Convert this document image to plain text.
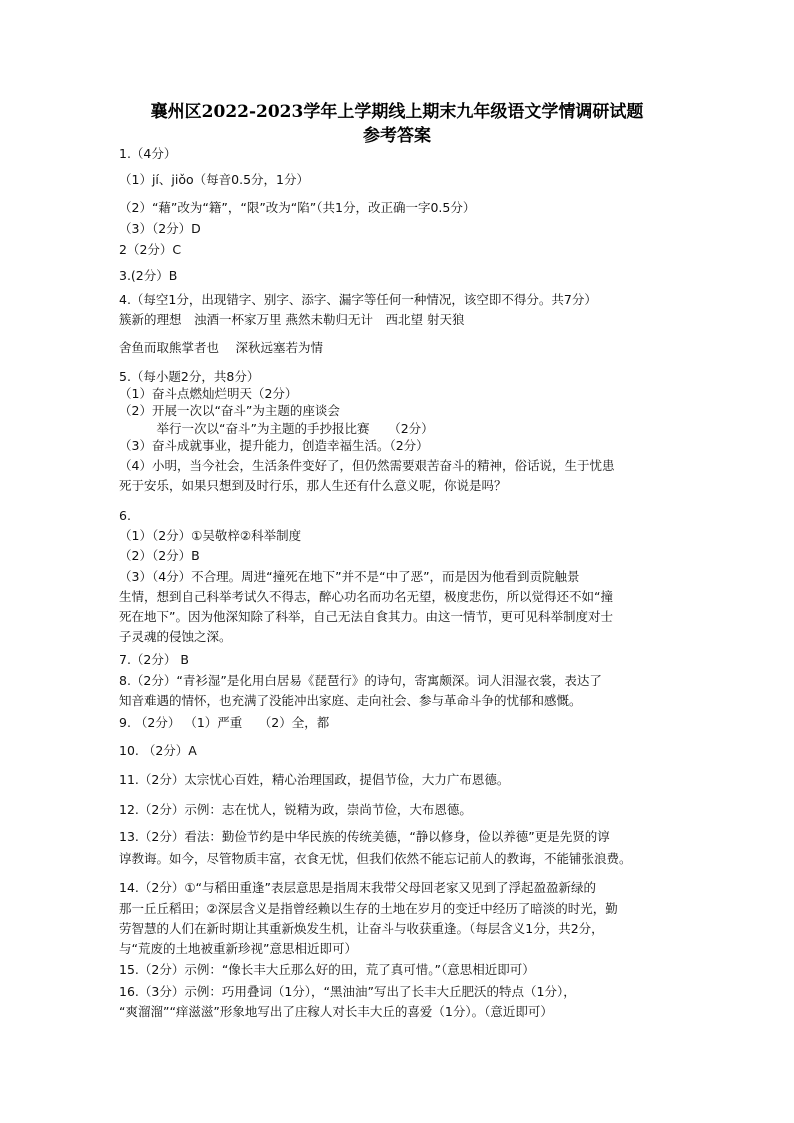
襄州区2022-2023学年上学期线上期末九年级语文学情调研试题
参考答案
1.（4分）
（1）jí、jiǒo（每音0.5分，1分）
（2）“藉”改为“籍”，“限”改为“陷”（共1分，改正确一字0.5分）
（3）（2分）D
2（2分）C
3.(2分）B
4.（每空1分，出现错字、别字、添字、漏字等任何一种情况，该空即不得分。共7分）
簇新的理想　浊酒一杯家万里 燕然未勒归无计　西北望 射天狼
舍鱼而取熊掌者也　 深秋远塞若为情
5.（每小题2分，共8分）
（1）奋斗点燃灿烂明天（2分）
（2）开展一次以“奋斗”为主题的座谈会
　　　举行一次以“奋斗”为主题的手抄报比赛　　（2分）
（3）奋斗成就事业，提升能力，创造幸福生活。（2分）
（4）小明，当今社会，生活条件变好了，但仍然需要艰苦奋斗的精神，俗话说，生于忧患
死于安乐，如果只想到及时行乐，那人生还有什么意义呢，你说是吗？
6.
（1）（2分）①吴敬梓②科举制度
（2）（2分）B
（3）（4分）不合理。周进“撞死在地下”并不是“中了恶”，而是因为他看到贡院触景
生情，想到自己科举考试久不得志，醉心功名而功名无望，极度悲伤，所以觉得还不如“撞
死在地下”。因为他深知除了科举，自己无法自食其力。由这一情节，更可见科举制度对士
子灵魂的侵蚀之深。
7.（2分） B
8.（2分）“青衫湿”是化用白居易《琵琶行》的诗句，寄寓颇深。词人泪湿衣裳，表达了
知音难遇的情怀，也充满了没能冲出家庭、走向社会、参与革命斗争的忧郁和感慨。
9. （2分） （1）严重　 （2）全，都
10. （2分）A
11.（2分）太宗忧心百姓，精心治理国政，提倡节俭，大力广布恩德。
12.（2分）示例：志在忧人，锐精为政，崇尚节俭，大布恩德。
13.（2分）看法：勤俭节约是中华民族的传统美德，“静以修身，俭以养德”更是先贤的谆
谆教诲。如今，尽管物质丰富，衣食无忧，但我们依然不能忘记前人的教诲，不能铺张浪费。
14.（2分）①“与稻田重逢”表层意思是指周末我带父母回老家又见到了浮起盈盈新绿的
那一丘丘稻田；②深层含义是指曾经赖以生存的土地在岁月的变迁中经历了暗淡的时光，勤
劳智慧的人们在新时期让其重新焕发生机，让奋斗与收获重逢。（每层含义1分，共2分，
与“荒废的土地被重新珍视”意思相近即可）
15.（2分）示例：“像长丰大丘那么好的田，荒了真可惜。”（意思相近即可）
16.（3分）示例：巧用叠词（1分），“黑油油”写出了长丰大丘肥沃的特点（1分），
“爽溜溜”“痒滋滋”形象地写出了庄稼人对长丰大丘的喜爱（1分）。（意近即可）
